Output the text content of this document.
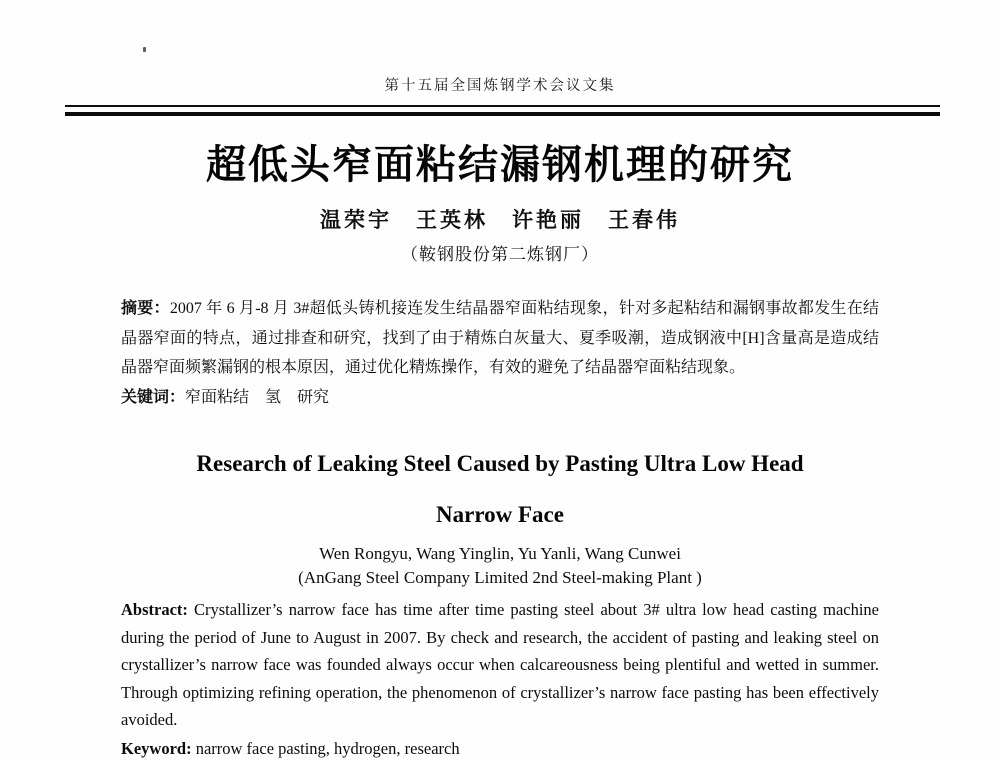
第十五届全国炼钢学术会议文集
超低头窄面粘结漏钢机理的研究
温荣宇　王英林　许艳丽　王春伟
（鞍钢股份第二炼钢厂）

摘要：2007 年 6 月-8 月 3#超低头铸机接连发生结晶器窄面粘结现象，针对多起粘结和漏钢事故都发生在结晶器窄面的特点，通过排查和研究，找到了由于精炼白灰量大、夏季吸潮，造成钢液中[H]含量高是造成结晶器窄面频繁漏钢的根本原因，通过优化精炼操作，有效的避免了结晶器窄面粘结现象。

关键词：窄面粘结　氢　研究

Research of Leaking Steel Caused by Pasting Ultra Low Head
Narrow Face
Wen Rongyu, Wang Yinglin, Yu Yanli, Wang Cunwei
(AnGang Steel Company Limited 2nd Steel-making Plant )

Abstract: Crystallizer’s narrow face has time after time pasting steel about 3# ultra low head casting machine during the period of June to August in 2007. By check and research, the accident of pasting and leaking steel on crystallizer’s narrow face was founded always occur when calcareousness being plentiful and wetted in summer. Through optimizing refining operation, the phenomenon of crystallizer’s narrow face pasting has been effectively avoided.

Keyword: narrow face pasting, hydrogen, research
